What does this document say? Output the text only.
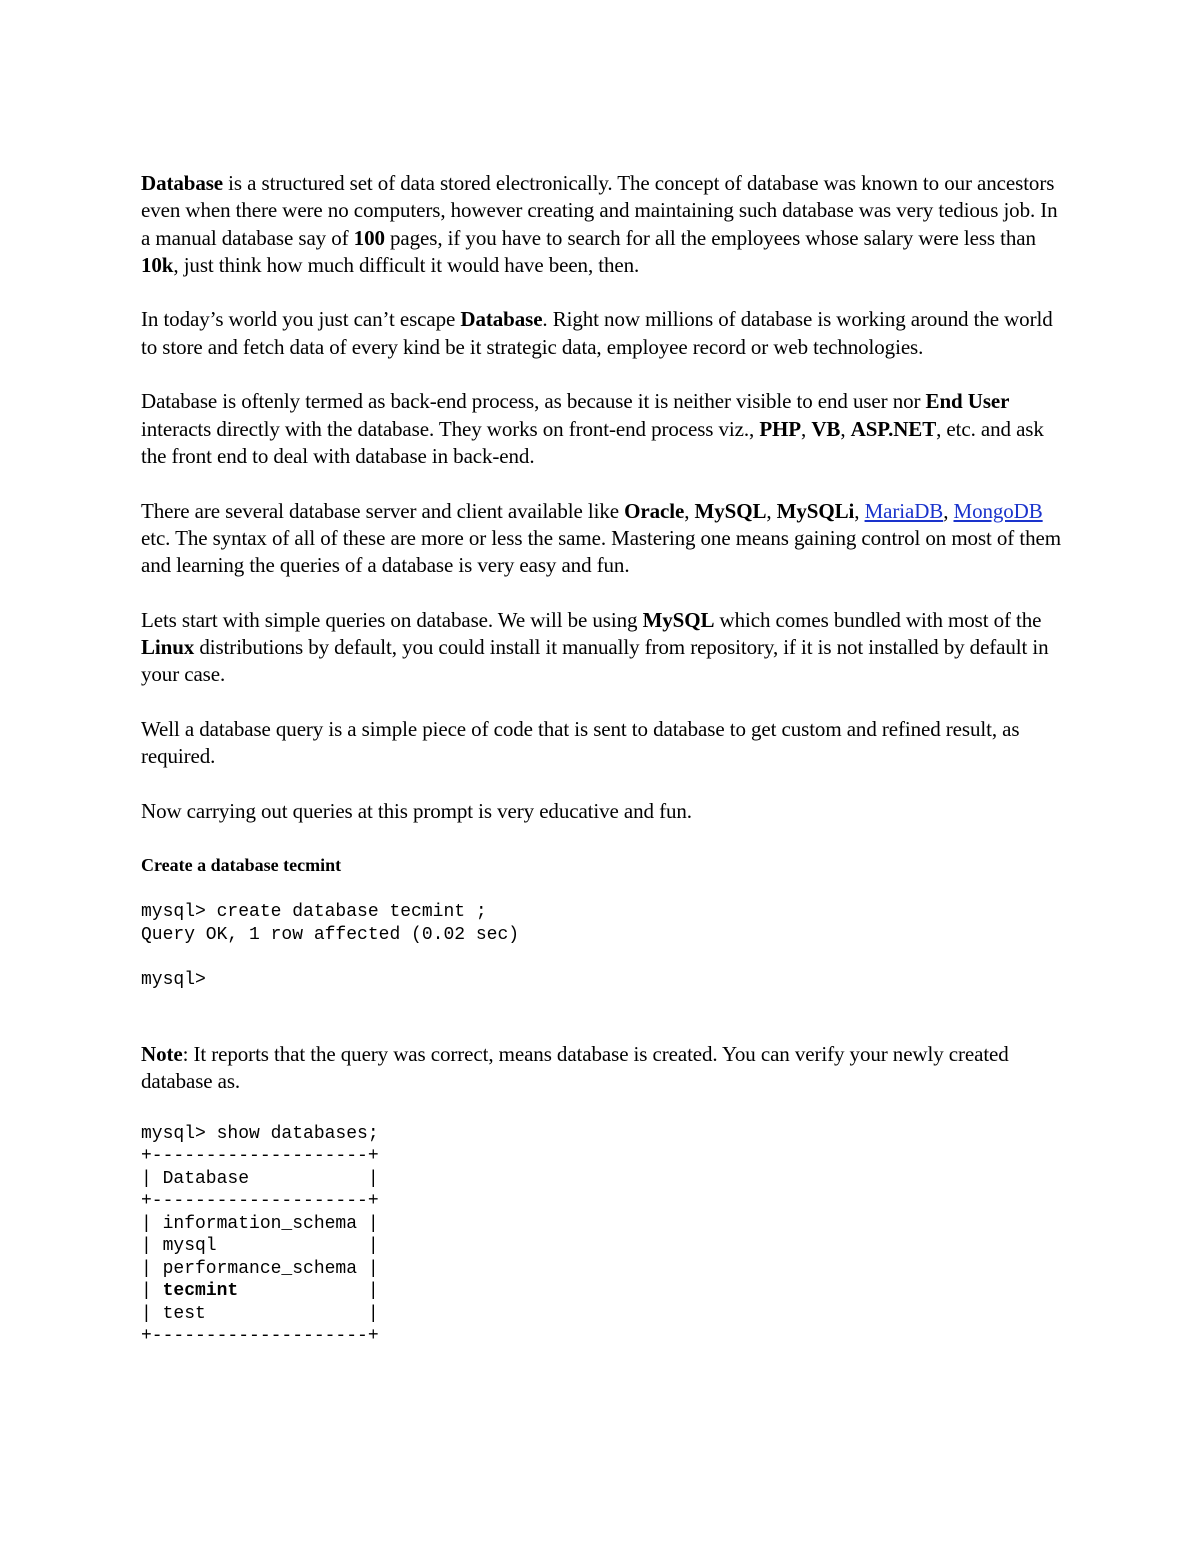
Database is a structured set of data stored electronically. The concept of database was known to our ancestors even when there were no computers, however creating and maintaining such database was very tedious job. In a manual database say of 100 pages, if you have to search for all the employees whose salary were less than 10k, just think how much difficult it would have been, then.

In today’s world you just can’t escape Database. Right now millions of database is working around the world to store and fetch data of every kind be it strategic data, employee record or web technologies.

Database is oftenly termed as back-end process, as because it is neither visible to end user nor End User interacts directly with the database. They works on front-end process viz., PHP, VB, ASP.NET, etc. and ask the front end to deal with database in back-end.

There are several database server and client available like Oracle, MySQL, MySQLi, MariaDB, MongoDB etc. The syntax of all of these are more or less the same. Mastering one means gaining control on most of them and learning the queries of a database is very easy and fun.

Lets start with simple queries on database. We will be using MySQL which comes bundled with most of the Linux distributions by default, you could install it manually from repository, if it is not installed by default in your case.

Well a database query is a simple piece of code that is sent to database to get custom and refined result, as required.

Now carrying out queries at this prompt is very educative and fun.

Create a database tecmint

mysql> create database tecmint ;
Query OK, 1 row affected (0.02 sec)

mysql>

Note: It reports that the query was correct, means database is created. You can verify your newly created database as.

mysql> show databases;
+--------------------+
| Database           |
+--------------------+
| information_schema |
| mysql              |
| performance_schema |
| tecmint            |
| test               |
+--------------------+
